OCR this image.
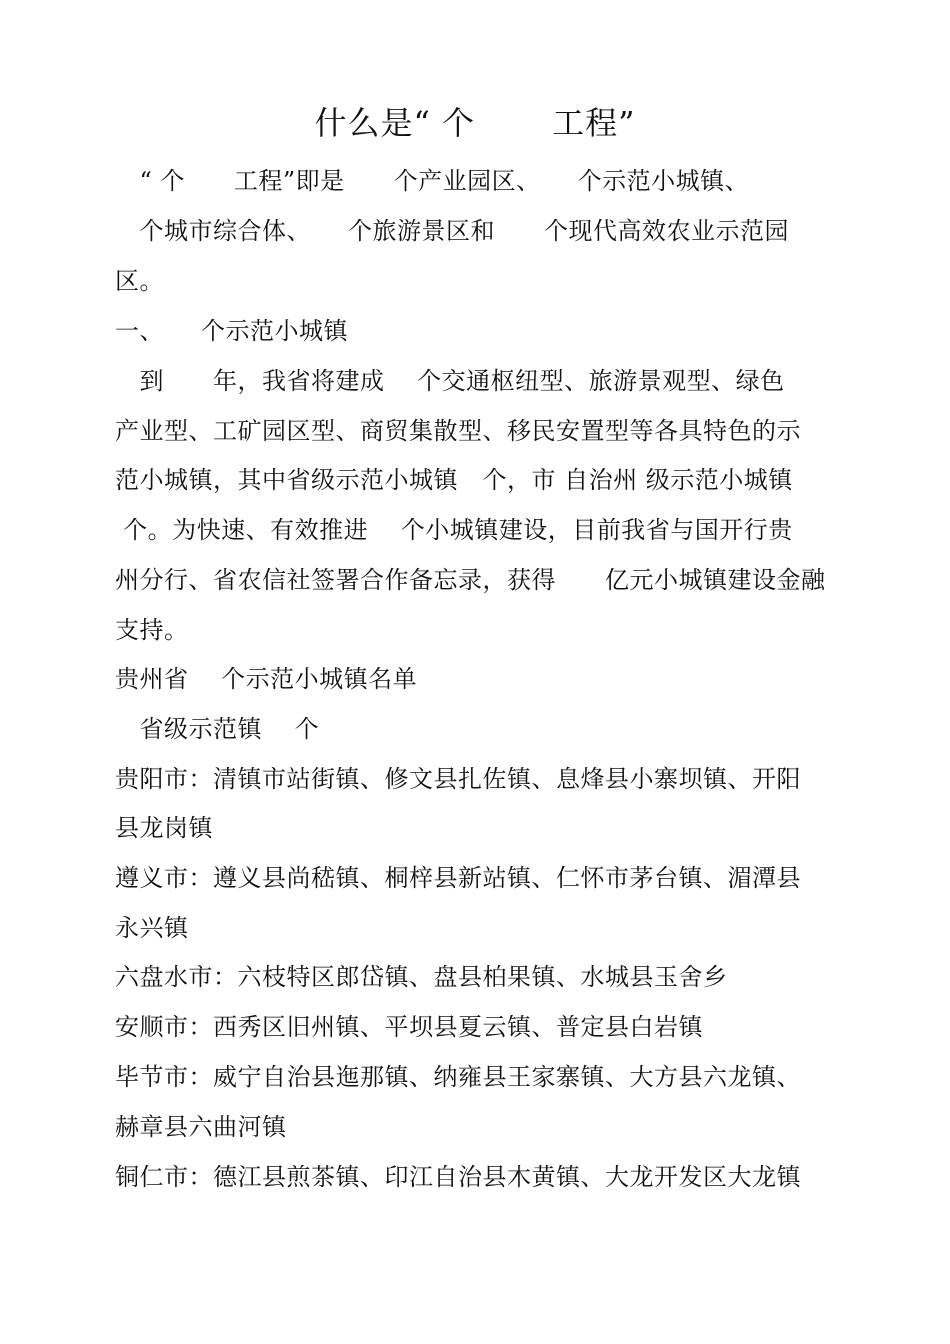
什么是“ 个　　 工程”
　“ 个　　工程”即是　　个产业园区、　　个示范小城镇、
　个城市综合体、　　个旅游景区和　　个现代高效农业示范园
区。
一、　　个示范小城镇
　到　　年，我省将建成　 个交通枢纽型、旅游景观型、绿色
产业型、工矿园区型、商贸集散型、移民安置型等各具特色的示
范小城镇，其中省级示范小城镇　个，市 自治州 级示范小城镇
个。为快速、有效推进　 个小城镇建设，目前我省与国开行贵
州分行、省农信社签署合作备忘录，获得　　亿元小城镇建设金融
支持。
贵州省　 个示范小城镇名单
　省级示范镇　 个
贵阳市：清镇市站街镇、修文县扎佐镇、息烽县小寨坝镇、开阳
县龙岗镇
遵义市：遵义县尚嵇镇、桐梓县新站镇、仁怀市茅台镇、湄潭县
永兴镇
六盘水市：六枝特区郎岱镇、盘县柏果镇、水城县玉舍乡
安顺市：西秀区旧州镇、平坝县夏云镇、普定县白岩镇
毕节市：威宁自治县迤那镇、纳雍县王家寨镇、大方县六龙镇、
赫章县六曲河镇
铜仁市：德江县煎茶镇、印江自治县木黄镇、大龙开发区大龙镇
